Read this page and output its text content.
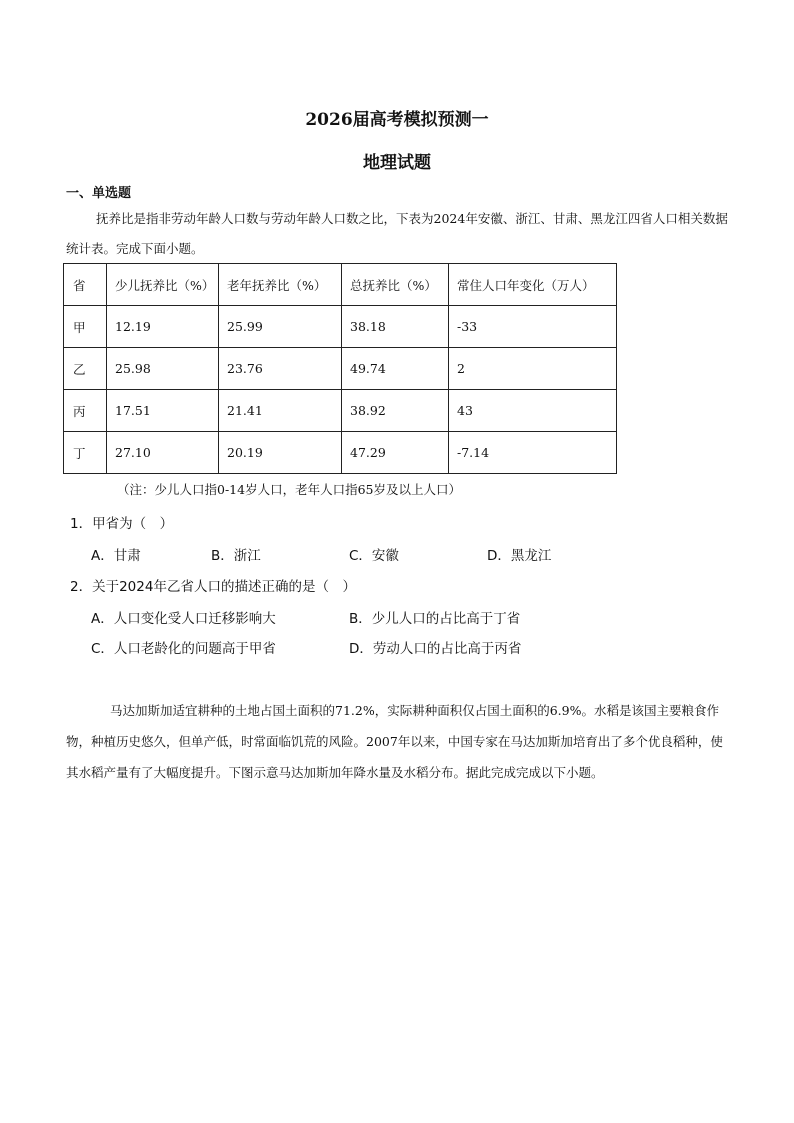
2026届高考模拟预测一
地理试题
一、单选题
抚养比是指非劳动年龄人口数与劳动年龄人口数之比，下表为2024年安徽、浙江、甘肃、黑龙江四省人口相关数据统计表。完成下面小题。
省	少儿抚养比（%）	老年抚养比（%）	总抚养比（%）	常住人口年变化（万人）
甲	12.19	25.99	38.18	-33
乙	25.98	23.76	49.74	2
丙	17.51	21.41	38.92	43
丁	27.10	20.19	47.29	-7.14
（注：少儿人口指0-14岁人口，老年人口指65岁及以上人口）
1．甲省为（　）
A．甘肃	B．浙江	C．安徽	D．黑龙江
2．关于2024年乙省人口的描述正确的是（　）
A．人口变化受人口迁移影响大	B．少儿人口的占比高于丁省
C．人口老龄化的问题高于甲省	D．劳动人口的占比高于丙省
马达加斯加适宜耕种的土地占国土面积的71.2%，实际耕种面积仅占国土面积的6.9%。水稻是该国主要粮食作物，种植历史悠久，但单产低，时常面临饥荒的风险。2007年以来，中国专家在马达加斯加培育出了多个优良稻种，使其水稻产量有了大幅度提升。下图示意马达加斯加年降水量及水稻分布。据此完成完成以下小题。
